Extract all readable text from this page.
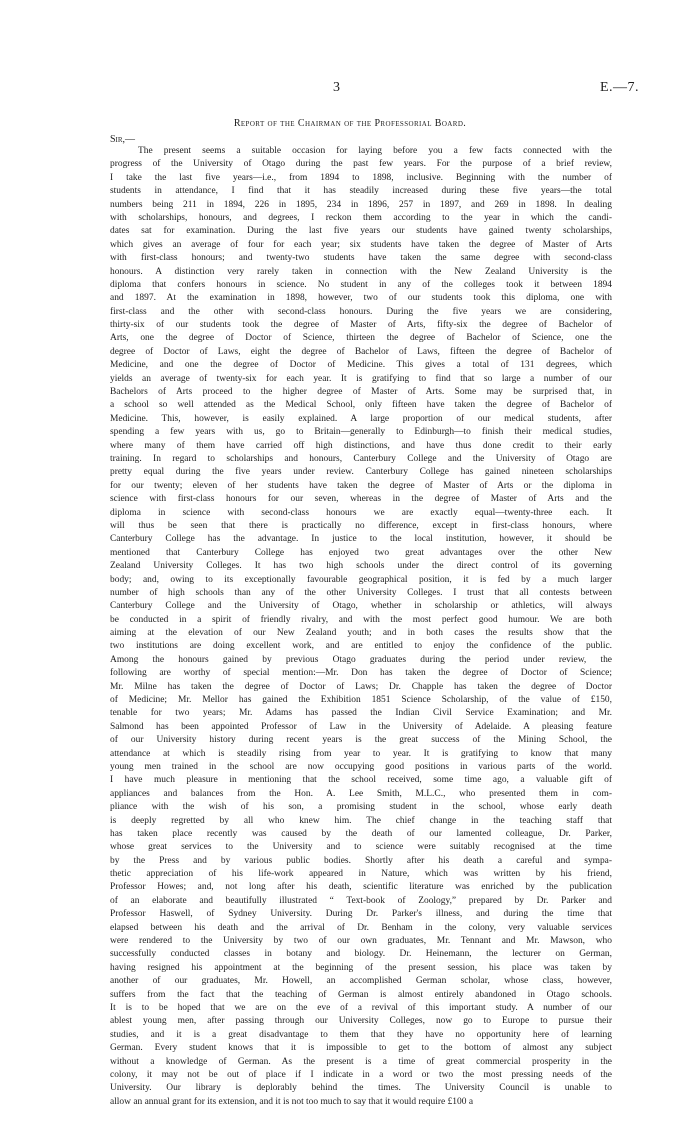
3	E.—7.
Report of the Chairman of the Professorial Board.
Sir,—
The present seems a suitable occasion for laying before you a few facts connected with the
progress of the University of Otago during the past few years. For the purpose of a brief review,
I take the last five years—i.e., from 1894 to 1898, inclusive. Beginning with the number of
students in attendance, I find that it has steadily increased during these five years—the total
numbers being 211 in 1894, 226 in 1895, 234 in 1896, 257 in 1897, and 269 in 1898. In dealing
with scholarships, honours, and degrees, I reckon them according to the year in which the candi-
dates sat for examination. During the last five years our students have gained twenty scholarships,
which gives an average of four for each year; six students have taken the degree of Master of Arts
with first-class honours; and twenty-two students have taken the same degree with second-class
honours. A distinction very rarely taken in connection with the New Zealand University is the
diploma that confers honours in science. No student in any of the colleges took it between 1894
and 1897. At the examination in 1898, however, two of our students took this diploma, one with
first-class and the other with second-class honours. During the five years we are considering,
thirty-six of our students took the degree of Master of Arts, fifty-six the degree of Bachelor of
Arts, one the degree of Doctor of Science, thirteen the degree of Bachelor of Science, one the
degree of Doctor of Laws, eight the degree of Bachelor of Laws, fifteen the degree of Bachelor of
Medicine, and one the degree of Doctor of Medicine. This gives a total of 131 degrees, which
yields an average of twenty-six for each year. It is gratifying to find that so large a number of our
Bachelors of Arts proceed to the higher degree of Master of Arts. Some may be surprised that, in
a school so well attended as the Medical School, only fifteen have taken the degree of Bachelor of
Medicine. This, however, is easily explained. A large proportion of our medical students, after
spending a few years with us, go to Britain—generally to Edinburgh—to finish their medical studies,
where many of them have carried off high distinctions, and have thus done credit to their early
training. In regard to scholarships and honours, Canterbury College and the University of Otago are
pretty equal during the five years under review. Canterbury College has gained nineteen scholarships
for our twenty; eleven of her students have taken the degree of Master of Arts or the diploma in
science with first-class honours for our seven, whereas in the degree of Master of Arts and the
diploma in science with second-class honours we are exactly equal—twenty-three each. It
will thus be seen that there is practically no difference, except in first-class honours, where
Canterbury College has the advantage. In justice to the local institution, however, it should be
mentioned that Canterbury College has enjoyed two great advantages over the other New
Zealand University Colleges. It has two high schools under the direct control of its governing
body; and, owing to its exceptionally favourable geographical position, it is fed by a much larger
number of high schools than any of the other University Colleges. I trust that all contests between
Canterbury College and the University of Otago, whether in scholarship or athletics, will always
be conducted in a spirit of friendly rivalry, and with the most perfect good humour. We are both
aiming at the elevation of our New Zealand youth; and in both cases the results show that the
two institutions are doing excellent work, and are entitled to enjoy the confidence of the public.
Among the honours gained by previous Otago graduates during the period under review, the
following are worthy of special mention:—Mr. Don has taken the degree of Doctor of Science;
Mr. Milne has taken the degree of Doctor of Laws; Dr. Chapple has taken the degree of Doctor
of Medicine; Mr. Mellor has gained the Exhibition 1851 Science Scholarship, of the value of £150,
tenable for two years; Mr. Adams has passed the Indian Civil Service Examination; and Mr.
Salmond has been appointed Professor of Law in the University of Adelaide. A pleasing feature
of our University history during recent years is the great success of the Mining School, the
attendance at which is steadily rising from year to year. It is gratifying to know that many
young men trained in the school are now occupying good positions in various parts of the world.
I have much pleasure in mentioning that the school received, some time ago, a valuable gift of
appliances and balances from the Hon. A. Lee Smith, M.L.C., who presented them in com-
pliance with the wish of his son, a promising student in the school, whose early death
is deeply regretted by all who knew him. The chief change in the teaching staff that
has taken place recently was caused by the death of our lamented colleague, Dr. Parker,
whose great services to the University and to science were suitably recognised at the time
by the Press and by various public bodies. Shortly after his death a careful and sympa-
thetic appreciation of his life-work appeared in Nature, which was written by his friend,
Professor Howes; and, not long after his death, scientific literature was enriched by the publication
of an elaborate and beautifully illustrated “ Text-book of Zoology,” prepared by Dr. Parker and
Professor Haswell, of Sydney University. During Dr. Parker's illness, and during the time that
elapsed between his death and the arrival of Dr. Benham in the colony, very valuable services
were rendered to the University by two of our own graduates, Mr. Tennant and Mr. Mawson, who
successfully conducted classes in botany and biology. Dr. Heinemann, the lecturer on German,
having resigned his appointment at the beginning of the present session, his place was taken by
another of our graduates, Mr. Howell, an accomplished German scholar, whose class, however,
suffers from the fact that the teaching of German is almost entirely abandoned in Otago schools.
It is to be hoped that we are on the eve of a revival of this important study. A number of our
ablest young men, after passing through our University Colleges, now go to Europe to pursue their
studies, and it is a great disadvantage to them that they have no opportunity here of learning
German. Every student knows that it is impossible to get to the bottom of almost any subject
without a knowledge of German. As the present is a time of great commercial prosperity in the
colony, it may not be out of place if I indicate in a word or two the most pressing needs of the
University. Our library is deplorably behind the times. The University Council is unable to
allow an annual grant for its extension, and it is not too much to say that it would require £100 a
